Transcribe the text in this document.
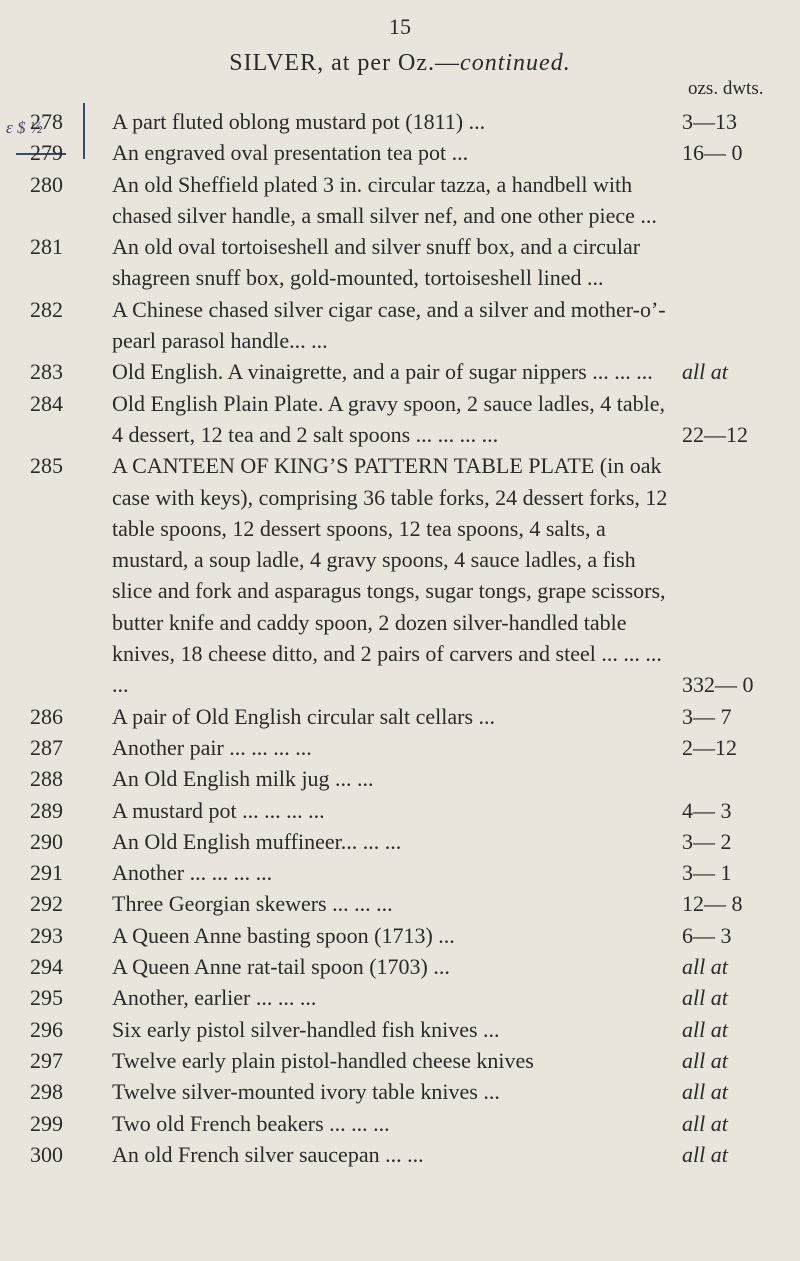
15
SILVER, at per Oz.—continued.
ozs. dwts.
ɛ $ ½
278	A part fluted oblong mustard pot (1811) ...	3—13
279	An engraved oval presentation tea pot ...	16— 0
280	An old Sheffield plated 3 in. circular tazza, a handbell with chased silver handle, a small silver nef, and one other piece ...
281	An old oval tortoiseshell and silver snuff box, and a circular shagreen snuff box, gold-mounted, tortoiseshell lined ...
282	A Chinese chased silver cigar case, and a silver and mother-o’-pearl parasol handle... ...
283	Old English. A vinaigrette, and a pair of sugar nippers ... ... ...	all at
284	Old English Plain Plate. A gravy spoon, 2 sauce ladles, 4 table, 4 dessert, 12 tea and 2 salt spoons ... ... ... ...	22—12
285	A CANTEEN OF KING’S PATTERN TABLE PLATE (in oak case with keys), comprising 36 table forks, 24 dessert forks, 12 table spoons, 12 dessert spoons, 12 tea spoons, 4 salts, a mustard, a soup ladle, 4 gravy spoons, 4 sauce ladles, a fish slice and fork and asparagus tongs, sugar tongs, grape scissors, butter knife and caddy spoon, 2 dozen silver-handled table knives, 18 cheese ditto, and 2 pairs of carvers and steel ... ... ... ...	332— 0
286	A pair of Old English circular salt cellars ...	3— 7
287	Another pair ... ... ... ...	2—12
288	An Old English milk jug ... ...
289	A mustard pot ... ... ... ...	4— 3
290	An Old English muffineer... ... ...	3— 2
291	Another ... ... ... ...	3— 1
292	Three Georgian skewers ... ... ...	12— 8
293	A Queen Anne basting spoon (1713) ...	6— 3
294	A Queen Anne rat-tail spoon (1703) ...	all at
295	Another, earlier ... ... ...	all at
296	Six early pistol silver-handled fish knives ...	all at
297	Twelve early plain pistol-handled cheese knives	all at
298	Twelve silver-mounted ivory table knives ...	all at
299	Two old French beakers ... ... ...	all at
300	An old French silver saucepan ... ...	all at
